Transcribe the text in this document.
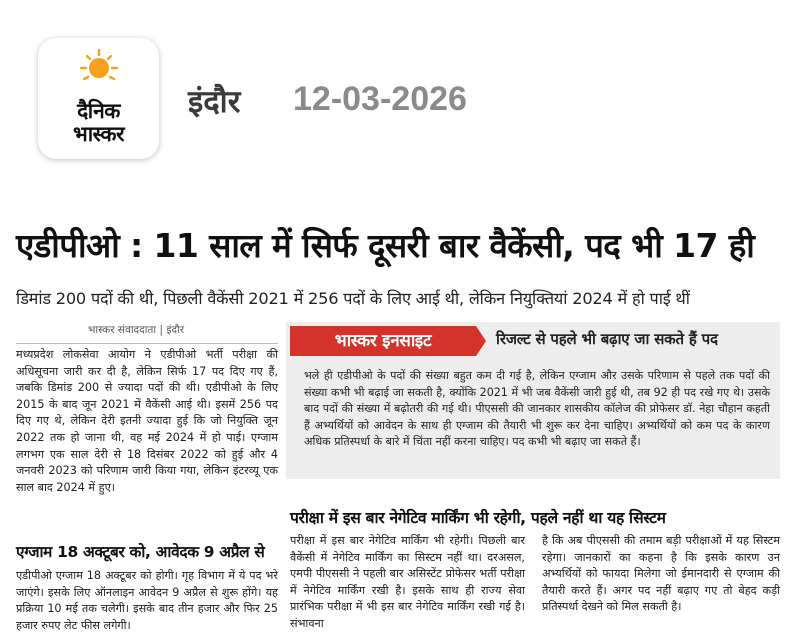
दैनिक
भास्कर
इंदौर 12-03-2026
एडीपीओ : 11 साल में सिर्फ दूसरी बार वैकेंसी, पद भी 17 ही
डिमांड 200 पदों की थी, पिछली वैकेंसी 2021 में 256 पदों के लिए आई थी, लेकिन नियुक्तियां 2024 में हो पाई थीं
भास्कर संवाददाता | इंदौर
मध्यप्रदेश लोकसेवा आयोग ने एडीपीओ भर्ती परीक्षा की अधिसूचना जारी कर दी है, लेकिन सिर्फ 17 पद दिए गए हैं, जबकि डिमांड 200 से ज्यादा पदों की थी। एडीपीओ के लिए 2015 के बाद जून 2021 में वैकेंसी आई थी। इसमें 256 पद दिए गए थे, लेकिन देरी इतनी ज्यादा हुई कि जो नियुक्ति जून 2022 तक हो जाना थी, वह मई 2024 में हो पाई। एग्जाम लगभग एक साल देरी से 18 दिसंबर 2022 को हुई और 4 जनवरी 2023 को परिणाम जारी किया गया, लेकिन इंटरव्यू एक साल बाद 2024 में हुए।
एग्जाम 18 अक्टूबर को, आवेदक 9 अप्रैल से
एडीपीओ एग्जाम 18 अक्टूबर को होगी। गृह विभाग में ये पद भरे जाएंगे। इसके लिए ऑनलाइन आवेदन 9 अप्रैल से शुरू होंगे। यह प्रक्रिया 10 मई तक चलेगी। इसके बाद तीन हजार और फिर 25 हजार रुपए लेट फीस लगेगी।
भास्कर इनसाइट	रिजल्ट से पहले भी बढ़ाए जा सकते हैं पद
भले ही एडीपीओ के पदों की संख्या बहुत कम दी गई है, लेकिन एग्जाम और उसके परिणाम से पहले तक पदों की संख्या कभी भी बढ़ाई जा सकती है, क्योंकि 2021 में भी जब वैकेंसी जारी हुई थी, तब 92 ही पद रखे गए थे। उसके बाद पदों की संख्या में बढ़ोतरी की गई थी। पीएससी की जानकार शासकीय कॉलेज की प्रोफेसर डॉ. नेहा चौहान कहती हैं अभ्यर्थियों को आवेदन के साथ ही एग्जाम की तैयारी भी शुरू कर देना चाहिए। अभ्यर्थियों को कम पद के कारण अधिक प्रतिस्पर्धा के बारे में चिंता नहीं करना चाहिए। पद कभी भी बढ़ाए जा सकते हैं।
परीक्षा में इस बार नेगेटिव मार्किंग भी रहेगी, पहले नहीं था यह सिस्टम
परीक्षा में इस बार नेगेटिव मार्किंग भी रहेगी। पिछली बार वैकेंसी में नेगेटिव मार्किंग का सिस्टम नहीं था। दरअसल, एमपी पीएससी ने पहली बार असिस्टेंट प्रोफेसर भर्ती परीक्षा में नेगेटिव मार्किंग रखी है। इसके साथ ही राज्य सेवा प्रारंभिक परीक्षा में भी इस बार नेगेटिव मार्किंग रखी गई है। संभावना
है कि अब पीएससी की तमाम बड़ी परीक्षाओं में यह सिस्टम रहेगा। जानकारों का कहना है कि इसके कारण उन अभ्यर्थियों को फायदा मिलेगा जो ईमानदारी से एग्जाम की तैयारी करते हैं। अगर पद नहीं बढ़ाए गए तो बेहद कड़ी प्रतिस्पर्धा देखने को मिल सकती है।
